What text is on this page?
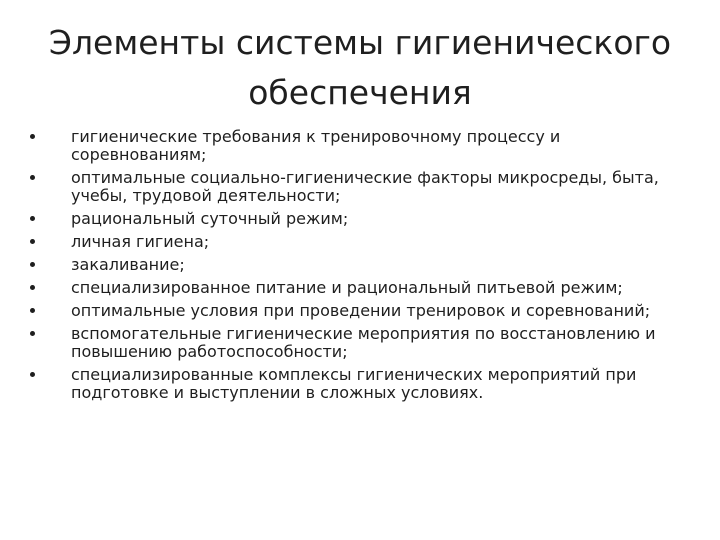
Элементы системы гигиенического
обеспечения
гигиенические требования к тренировочному процессу и соревнованиям;
оптимальные социально-гигиенические факторы микросреды, быта, учебы, трудовой деятельности;
рациональный суточный режим;
личная гигиена;
закаливание;
специализированное питание и рациональный питьевой режим;
оптимальные условия при проведении тренировок и соревнований;
вспомогательные гигиенические мероприятия по восстановлению и повышению работоспособности;
специализированные комплексы гигиенических мероприятий при подготовке и выступлении в сложных условиях.
